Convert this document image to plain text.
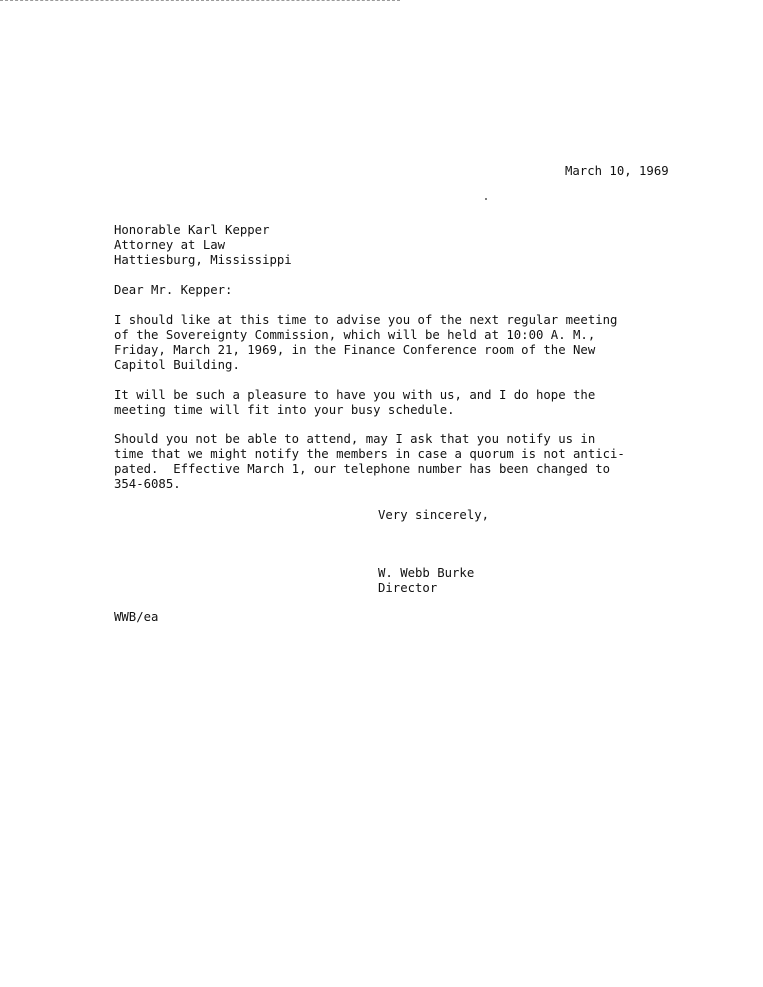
March 10, 1969
Honorable Karl Kepper
Attorney at Law
Hattiesburg, Mississippi
Dear Mr. Kepper:
I should like at this time to advise you of the next regular meeting
of the Sovereignty Commission, which will be held at 10:00 A. M.,
Friday, March 21, 1969, in the Finance Conference room of the New
Capitol Building.
It will be such a pleasure to have you with us, and I do hope the
meeting time will fit into your busy schedule.
Should you not be able to attend, may I ask that you notify us in
time that we might notify the members in case a quorum is not antici-
pated.  Effective March 1, our telephone number has been changed to
354-6085.
Very sincerely,
W. Webb Burke
Director
WWB/ea
